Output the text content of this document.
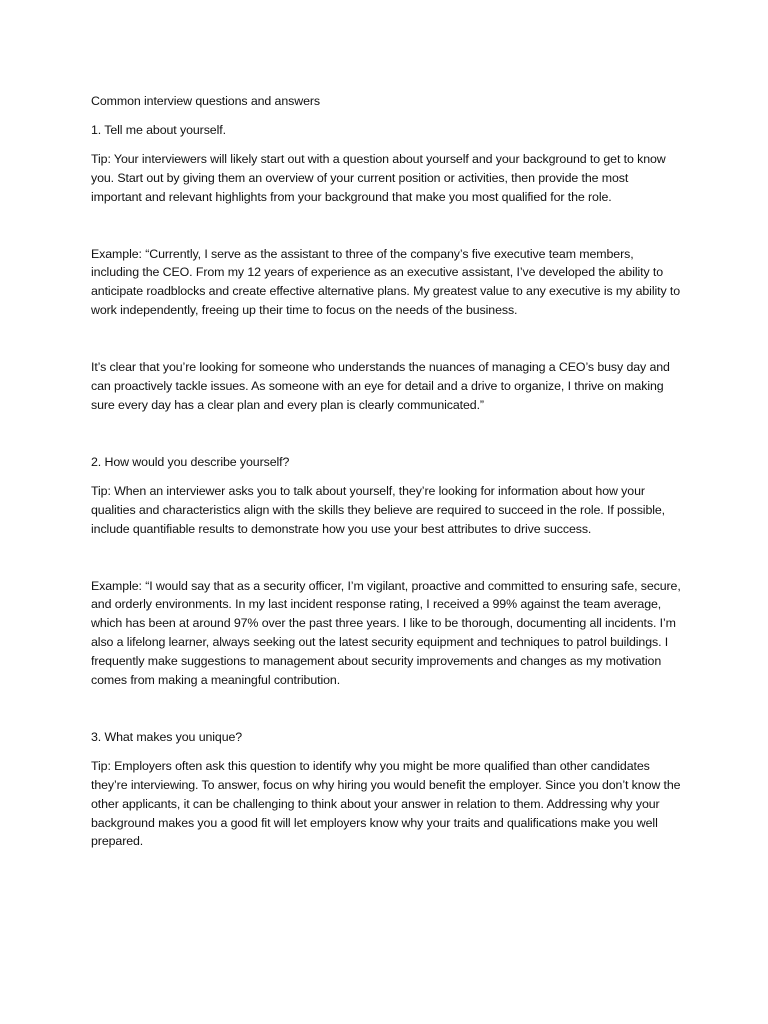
Common interview questions and answers
1. Tell me about yourself.
Tip: Your interviewers will likely start out with a question about yourself and your background to get to know you. Start out by giving them an overview of your current position or activities, then provide the most important and relevant highlights from your background that make you most qualified for the role.
Example: “Currently, I serve as the assistant to three of the company’s five executive team members, including the CEO. From my 12 years of experience as an executive assistant, I’ve developed the ability to anticipate roadblocks and create effective alternative plans. My greatest value to any executive is my ability to work independently, freeing up their time to focus on the needs of the business.
It’s clear that you’re looking for someone who understands the nuances of managing a CEO’s busy day and can proactively tackle issues. As someone with an eye for detail and a drive to organize, I thrive on making sure every day has a clear plan and every plan is clearly communicated.”
2. How would you describe yourself?
Tip: When an interviewer asks you to talk about yourself, they’re looking for information about how your qualities and characteristics align with the skills they believe are required to succeed in the role. If possible, include quantifiable results to demonstrate how you use your best attributes to drive success.
Example: “I would say that as a security officer, I’m vigilant, proactive and committed to ensuring safe, secure, and orderly environments. In my last incident response rating, I received a 99% against the team average, which has been at around 97% over the past three years. I like to be thorough, documenting all incidents. I’m also a lifelong learner, always seeking out the latest security equipment and techniques to patrol buildings. I frequently make suggestions to management about security improvements and changes as my motivation comes from making a meaningful contribution.
3. What makes you unique?
Tip: Employers often ask this question to identify why you might be more qualified than other candidates they’re interviewing. To answer, focus on why hiring you would benefit the employer. Since you don’t know the other applicants, it can be challenging to think about your answer in relation to them. Addressing why your background makes you a good fit will let employers know why your traits and qualifications make you well prepared.
